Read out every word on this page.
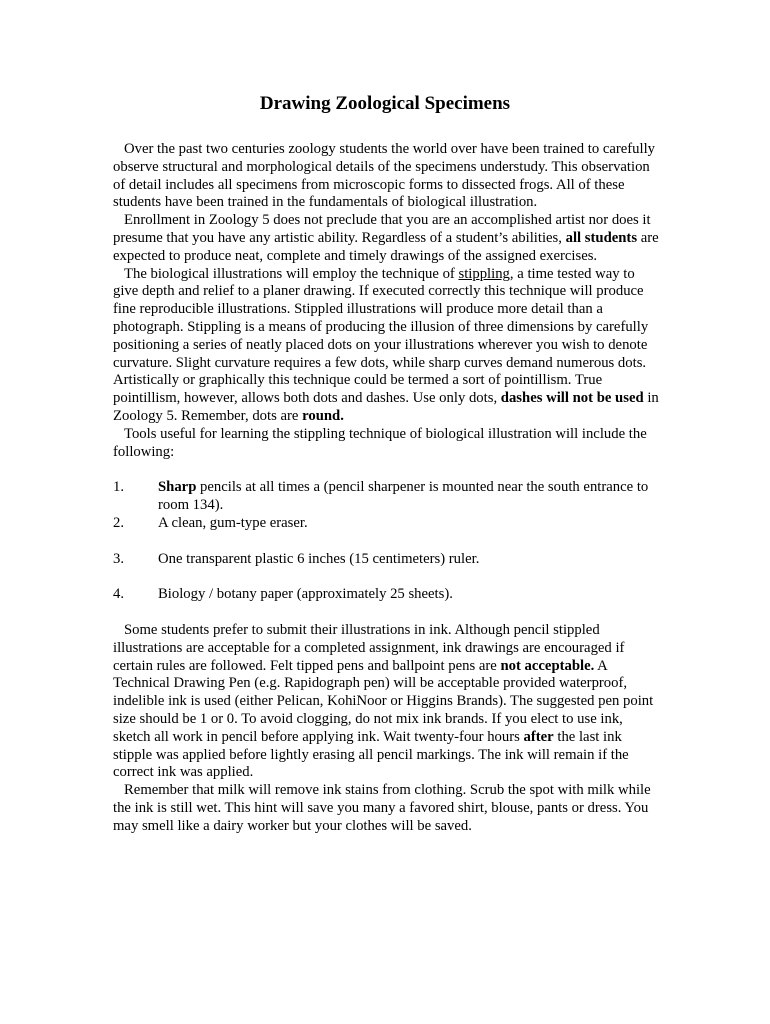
Drawing Zoological Specimens

Over the past two centuries zoology students the world over have been trained to carefully observe structural and morphological details of the specimens understudy. This observation of detail includes all specimens from microscopic forms to dissected frogs. All of these students have been trained in the fundamentals of biological illustration.

Enrollment in Zoology 5 does not preclude that you are an accomplished artist nor does it presume that you have any artistic ability. Regardless of a student’s abilities, all students are expected to produce neat, complete and timely drawings of the assigned exercises.

The biological illustrations will employ the technique of stippling, a time tested way to give depth and relief to a planer drawing. If executed correctly this technique will produce fine reproducible illustrations. Stippled illustrations will produce more detail than a photograph. Stippling is a means of producing the illusion of three dimensions by carefully positioning a series of neatly placed dots on your illustrations wherever you wish to denote curvature. Slight curvature requires a few dots, while sharp curves demand numerous dots. Artistically or graphically this technique could be termed a sort of pointillism. True pointillism, however, allows both dots and dashes. Use only dots, dashes will not be used in Zoology 5. Remember, dots are round.

Tools useful for learning the stippling technique of biological illustration will include the following:

1.	Sharp pencils at all times a (pencil sharpener is mounted near the south entrance to room 134).
2.	A clean, gum-type eraser.
3.	One transparent plastic 6 inches (15 centimeters) ruler.
4.	Biology / botany paper (approximately 25 sheets).

Some students prefer to submit their illustrations in ink. Although pencil stippled illustrations are acceptable for a completed assignment, ink drawings are encouraged if certain rules are followed. Felt tipped pens and ballpoint pens are not acceptable. A Technical Drawing Pen (e.g. Rapidograph pen) will be acceptable provided waterproof, indelible ink is used (either Pelican, KohiNoor or Higgins Brands). The suggested pen point size should be 1 or 0. To avoid clogging, do not mix ink brands. If you elect to use ink, sketch all work in pencil before applying ink. Wait twenty-four hours after the last ink stipple was applied before lightly erasing all pencil markings. The ink will remain if the correct ink was applied.

Remember that milk will remove ink stains from clothing. Scrub the spot with milk while the ink is still wet. This hint will save you many a favored shirt, blouse, pants or dress. You may smell like a dairy worker but your clothes will be saved.
